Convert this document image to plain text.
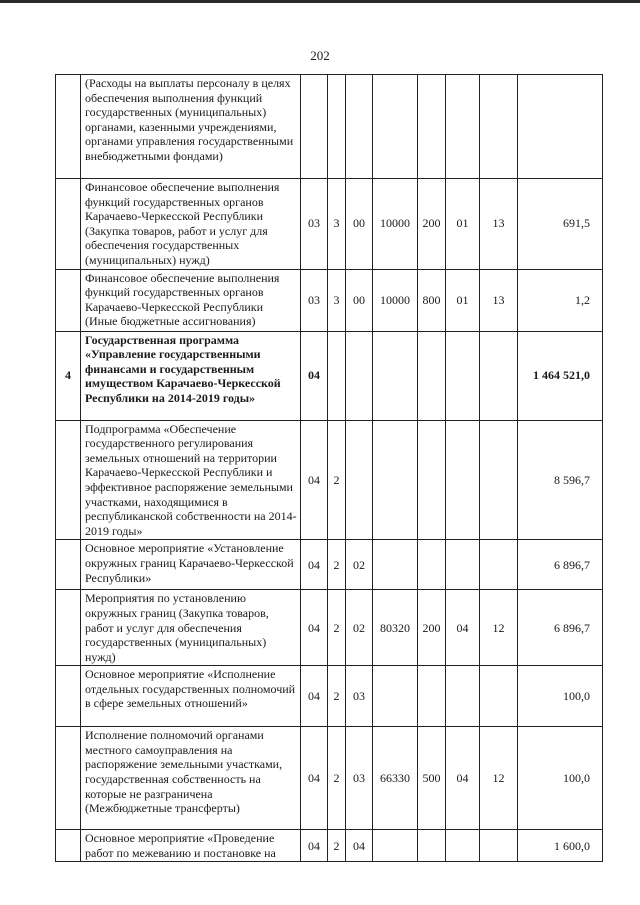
202
	(Расходы на выплаты персоналу в целях обеспечения выполнения функций государственных (муниципальных) органами, казенными учреждениями, органами управления государственными внебюджетными фондами)								
	Финансовое обеспечение выполнения функций государственных органов Карачаево-Черкесской Республики (Закупка товаров, работ и услуг для обеспечения государственных (муниципальных) нужд)	03	3	00	10000	200	01	13	691,5
	Финансовое обеспечение выполнения функций государственных органов Карачаево-Черкесской Республики (Иные бюджетные ассигнования)	03	3	00	10000	800	01	13	1,2
4	Государственная программа «Управление государственными финансами и государственным имуществом Карачаево-Черкесской Республики на 2014-2019 годы»	04							1 464 521,0
	Подпрограмма «Обеспечение государственного регулирования земельных отношений на территории Карачаево-Черкесской Республики и эффективное распоряжение земельными участками, находящимися в республиканской собственности на 2014-2019 годы»	04	2						8 596,7
	Основное мероприятие «Установление окружных границ Карачаево-Черкесской Республики»	04	2	02					6 896,7
	Мероприятия по установлению окружных границ (Закупка товаров, работ и услуг для обеспечения государственных (муниципальных) нужд)	04	2	02	80320	200	04	12	6 896,7
	Основное мероприятие «Исполнение отдельных государственных полномочий в сфере земельных отношений»	04	2	03					100,0
	Исполнение полномочий органами местного самоуправления на распоряжение земельными участками, государственная собственность на которые не разграничена (Межбюджетные трансферты)	04	2	03	66330	500	04	12	100,0
	Основное мероприятие «Проведение работ по межеванию и постановке на	04	2	04					1 600,0
